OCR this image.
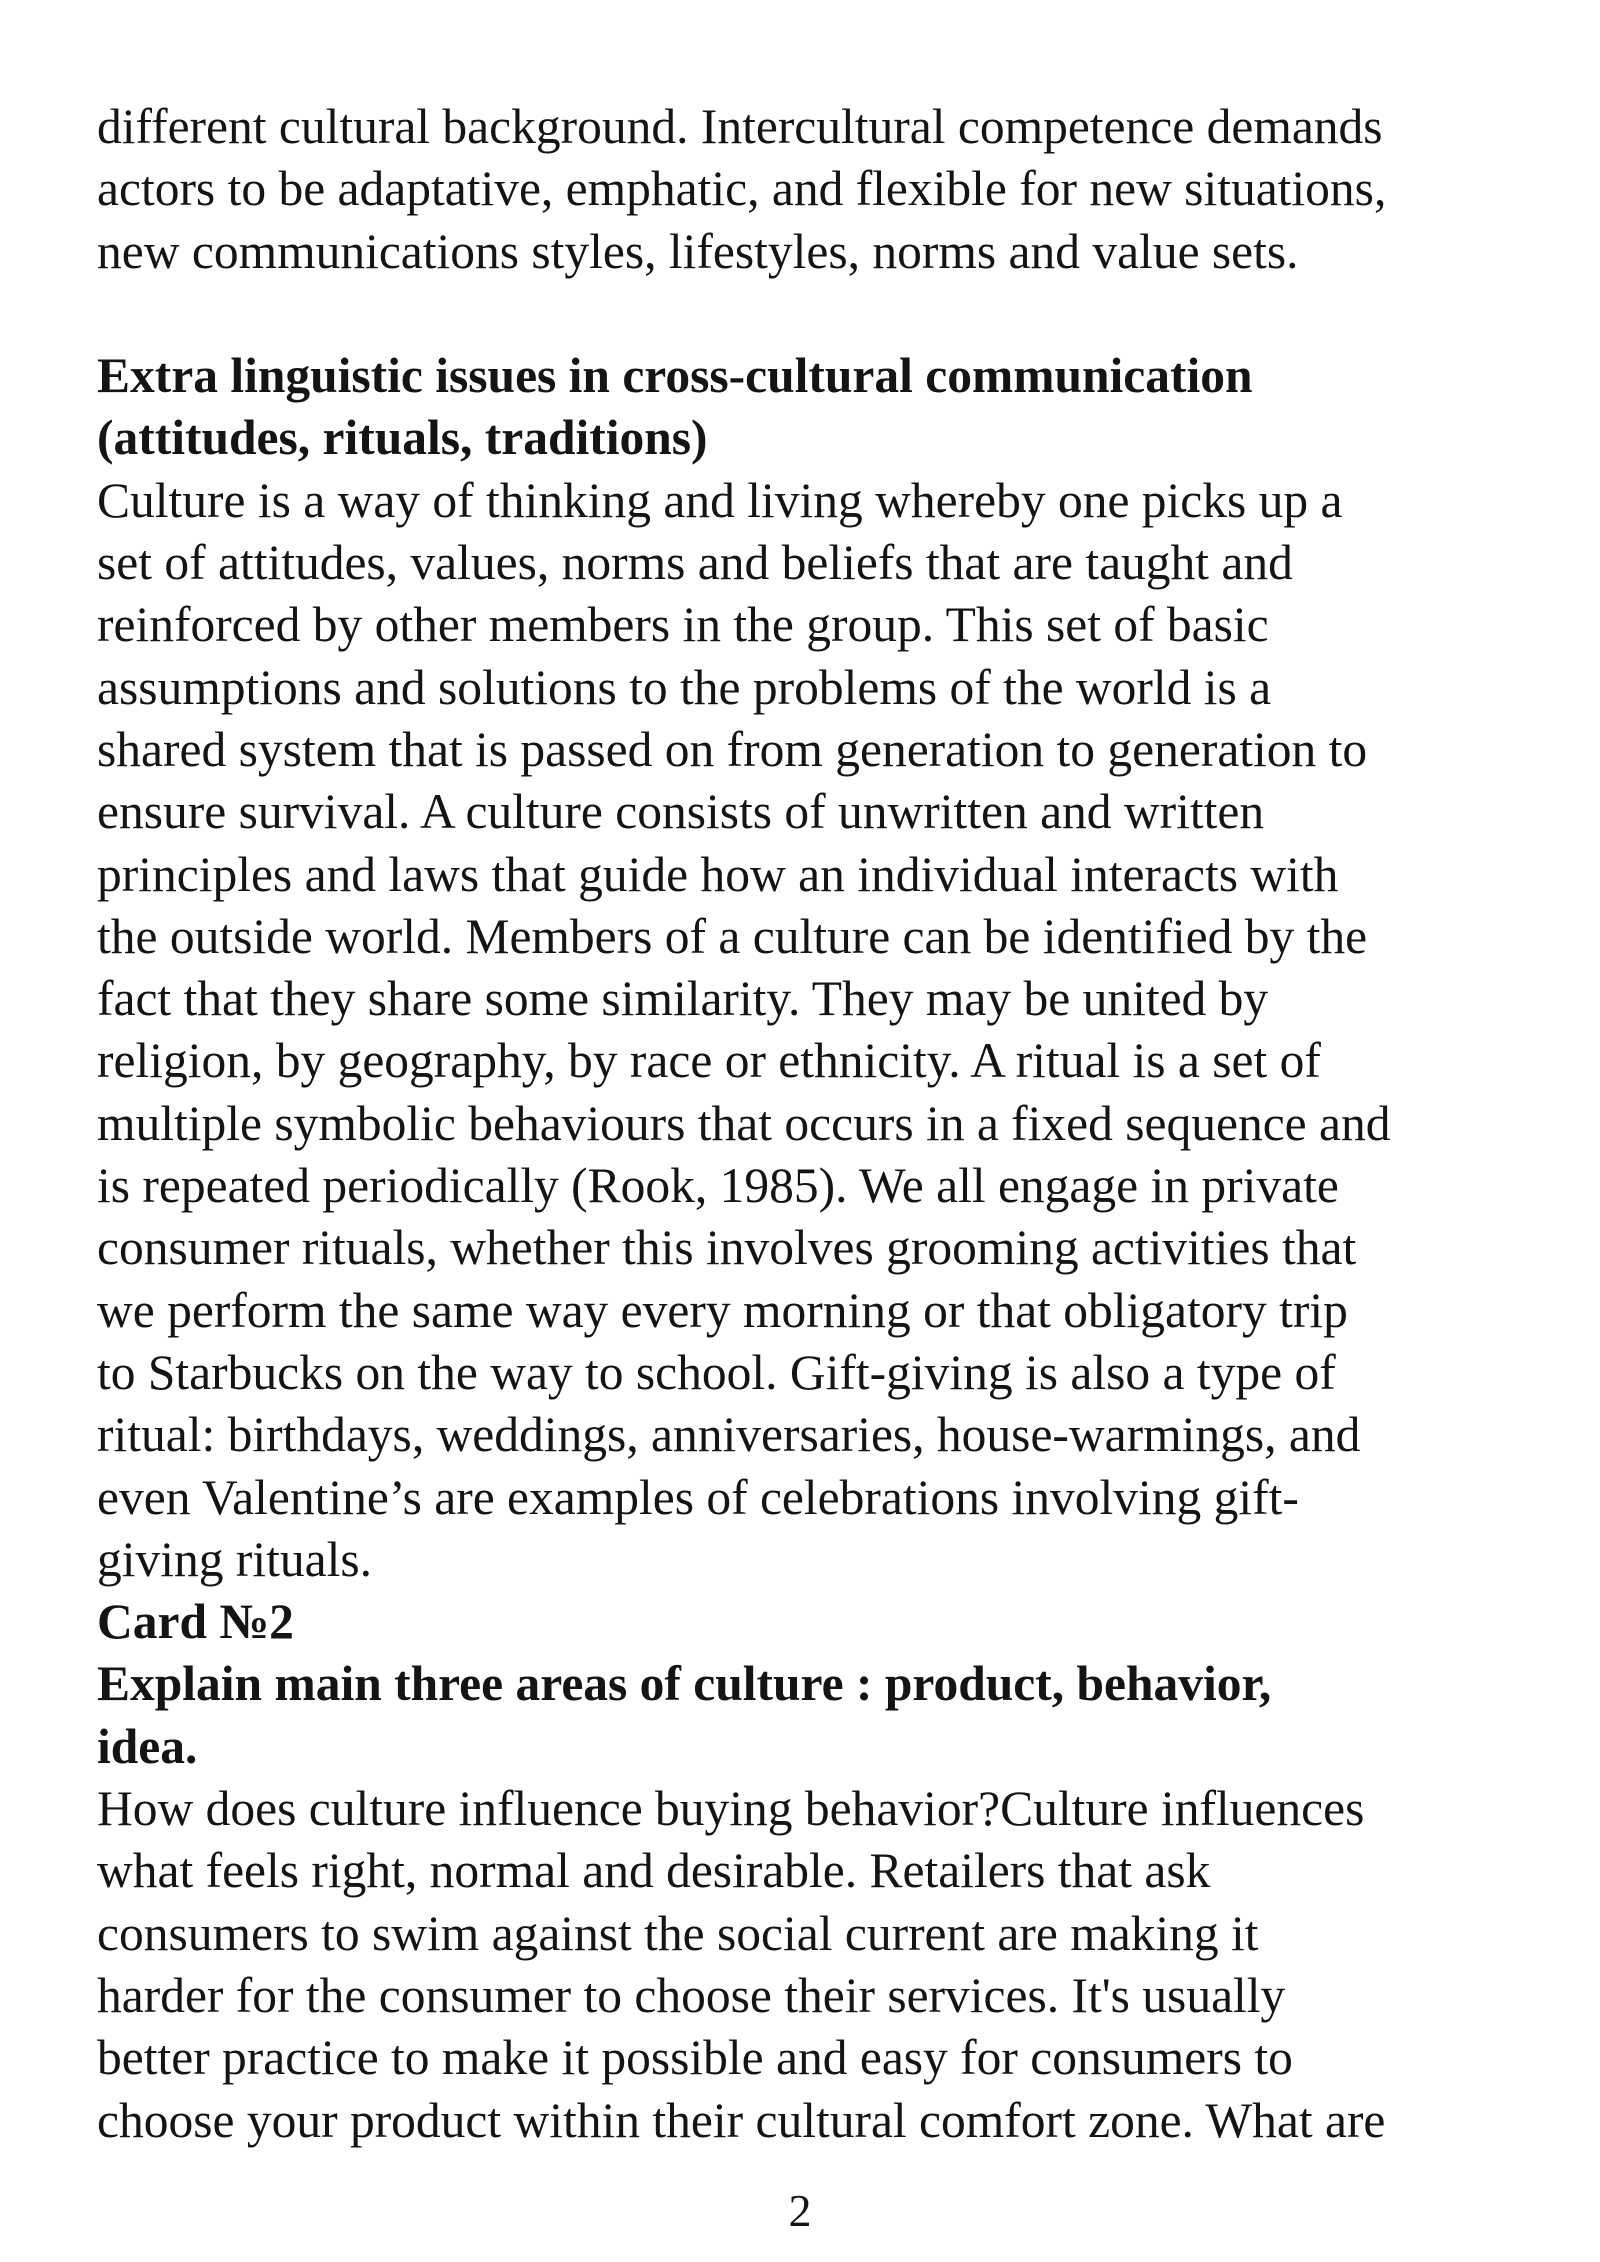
different cultural background. Intercultural competence demands
actors to be adaptative, emphatic, and flexible for new situations,
new communications styles, lifestyles, norms and value sets.
Extra linguistic issues in cross-cultural communication
(attitudes, rituals, traditions)
Culture is a way of thinking and living whereby one picks up a
set of attitudes, values, norms and beliefs that are taught and
reinforced by other members in the group. This set of basic
assumptions and solutions to the problems of the world is a
shared system that is passed on from generation to generation to
ensure survival. A culture consists of unwritten and written
principles and laws that guide how an individual interacts with
the outside world. Members of a culture can be identified by the
fact that they share some similarity. They may be united by
religion, by geography, by race or ethnicity. A ritual is a set of
multiple symbolic behaviours that occurs in a fixed sequence and
is repeated periodically (Rook, 1985). We all engage in private
consumer rituals, whether this involves grooming activities that
we perform the same way every morning or that obligatory trip
to Starbucks on the way to school. Gift-giving is also a type of
ritual: birthdays, weddings, anniversaries, house-warmings, and
even Valentine’s are examples of celebrations involving gift-
giving rituals.
Card №2
Explain main three areas of culture : product, behavior,
idea.
How does culture influence buying behavior?Culture influences
what feels right, normal and desirable. Retailers that ask
consumers to swim against the social current are making it
harder for the consumer to choose their services. It's usually
better practice to make it possible and easy for consumers to
choose your product within their cultural comfort zone. What are
2
